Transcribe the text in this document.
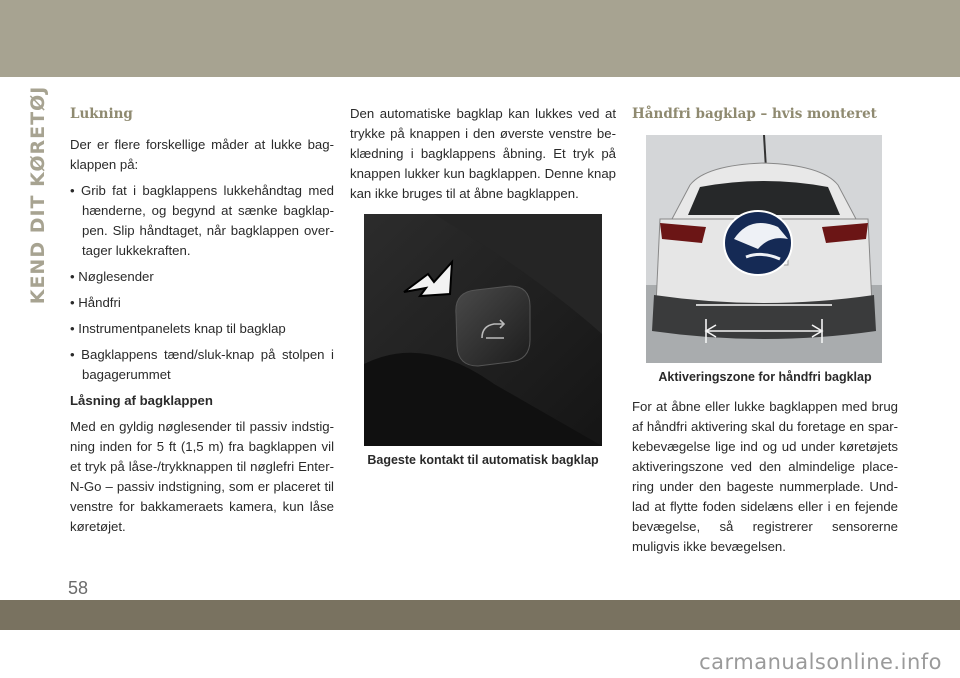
KEND DIT KØRETØJ Lukning

Der er flere forskellige måder at lukke bag-klappen på:

• Grib fat i bagklappens lukkehåndtag med hænderne, og begynd at sænke bagklap-pen. Slip håndtaget, når bagklappen over-tager lukkekraften.

• Nøglesender

• Håndfri

• Instrumentpanelets knap til bagklap

• Bagklappens tænd/sluk-knap på stolpen i bagagerummet

Låsning af bagklappen

Med en gyldig nøglesender til passiv indstig-ning inden for 5 ft (1,5 m) fra bagklappen vil et tryk på låse-/trykknappen til nøglefri Enter-N-Go – passiv indstigning, som er placeret til venstre for bakkameraets kamera, kun låse køretøjet.

Den automatiske bagklap kan lukkes ved at trykke på knappen i den øverste venstre be-klædning i bagklappens åbning. Et tryk på knappen lukker kun bagklappen. Denne knap kan ikke bruges til at åbne bagklappen.

Bageste kontakt til automatisk bagklap
Håndfri bagklap – hvis monteret
Aktiveringszone for håndfri bagklap

For at åbne eller lukke bagklappen med brug af håndfri aktivering skal du foretage en spar-kebevægelse lige ind og ud under køretøjets aktiveringszone ved den almindelige place-ring under den bageste nummerplade. Und-lad at flytte foden sidelæns eller i en fejende bevægelse, så registrerer sensorerne muligvis ikke bevægelsen.

58
carmanualsonline.info
